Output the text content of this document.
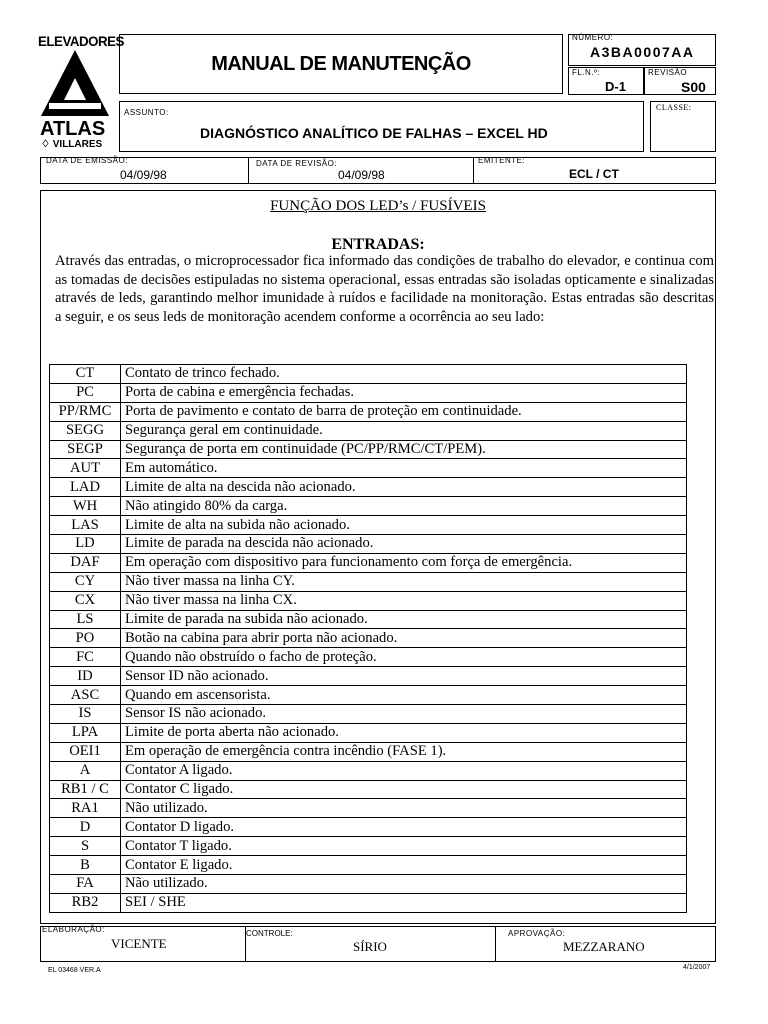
ELEVADORES
ATLAS
♢ VILLARES
MANUAL DE MANUTENÇÃO
NÚMERO:
A3BA0007AA
FL.N.º:
D-1
REVISÃO
S00
ASSUNTO:
DIAGNÓSTICO ANALÍTICO DE FALHAS – EXCEL HD
CLASSE:
DATA DE EMISSÃO:
04/09/98
DATA DE REVISÃO:
04/09/98
EMITENTE:
ECL / CT
FUNÇÃO DOS LED’s / FUSÍVEIS
ENTRADAS:
Através das entradas, o microprocessador fica informado das condições de trabalho do elevador, e continua com as tomadas de decisões estipuladas no sistema operacional, essas entradas são isoladas opticamente e sinalizadas através de leds, garantindo melhor imunidade à ruídos e facilidade na monitoração. Estas entradas são descritas a seguir, e os seus leds de monitoração acendem conforme a ocorrência ao seu lado:
CT	Contato de trinco fechado.
PC	Porta de cabina e emergência fechadas.
PP/RMC	Porta de pavimento e contato de barra de proteção em continuidade.
SEGG	Segurança geral em continuidade.
SEGP	Segurança de porta em continuidade (PC/PP/RMC/CT/PEM).
AUT	Em automático.
LAD	Limite de alta na descida não acionado.
WH	Não atingido 80% da carga.
LAS	Limite de alta na subida não acionado.
LD	Limite de parada na descida não acionado.
DAF	Em operação com dispositivo para funcionamento com força de emergência.
CY	Não tiver massa na linha CY.
CX	Não tiver massa na linha CX.
LS	Limite de parada na subida não acionado.
PO	Botão na cabina para abrir porta não acionado.
FC	Quando não obstruído o facho de proteção.
ID	Sensor ID não acionado.
ASC	Quando em ascensorista.
IS	Sensor IS não acionado.
LPA	Limite de porta aberta não acionado.
OEI1	Em operação de emergência contra incêndio (FASE 1).
A	Contator A ligado.
RB1 / C	Contator C ligado.
RA1	Não utilizado.
D	Contator D ligado.
S	Contator T ligado.
B	Contator E ligado.
FA	Não utilizado.
RB2	SEI / SHE
ELABORAÇÃO:
VICENTE
CONTROLE:
SÍRIO
APROVAÇÃO:
MEZZARANO
EL 03468 VER.A	4/1/2007
